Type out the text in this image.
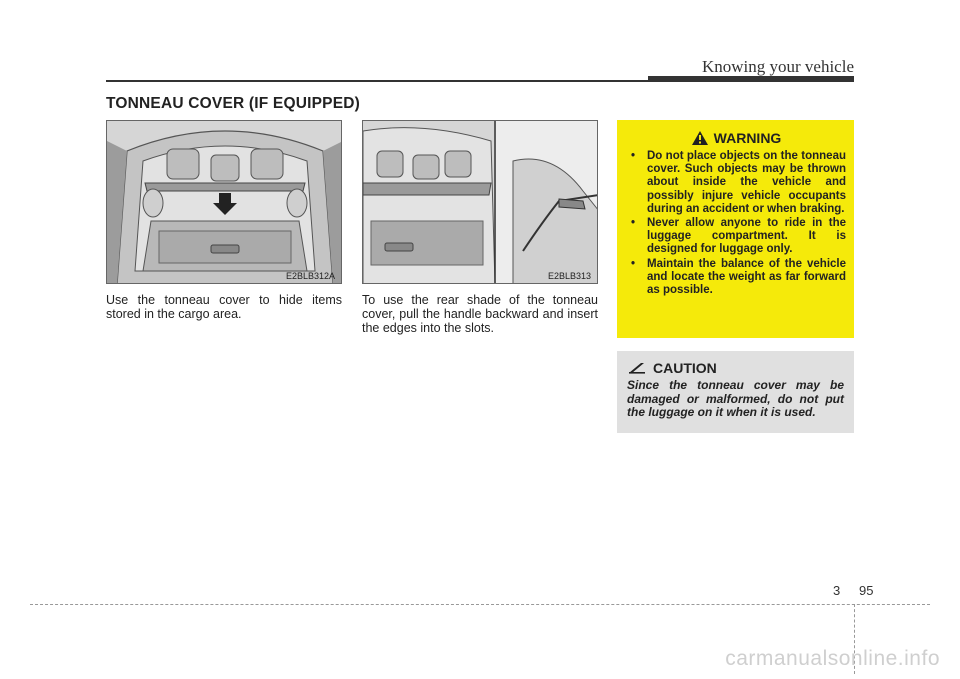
Knowing your vehicle
TONNEAU COVER (IF EQUIPPED)
E2BLB312A
Use the tonneau cover to hide items stored in the cargo area.
E2BLB313
To use the rear shade of the tonneau cover, pull the handle backward and insert the edges into the slots.
WARNING
• Do not place objects on the tonneau cover. Such objects may be thrown about inside the vehicle and possibly injure vehicle occupants during an accident or when braking.
• Never allow anyone to ride in the luggage compartment. It is designed for luggage only.
• Maintain the balance of the vehicle and locate the weight as far forward as possible.
CAUTION
Since the tonneau cover may be damaged or malformed, do not put the luggage on it when it is used.
3 95
carmanualsonline.info
